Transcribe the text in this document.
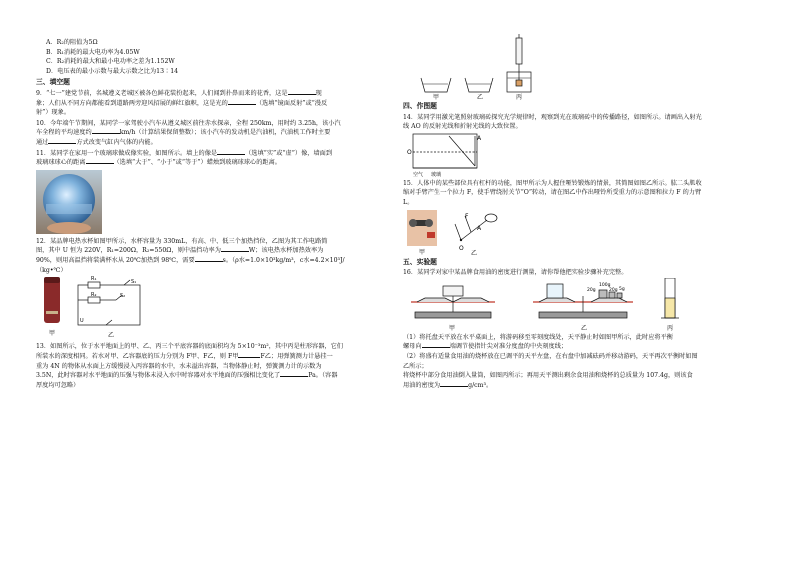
A．R₂的阻值为5Ω
B．R₁消耗的最大电功率为4.05W
C．R₂消耗的最大和最小电功率之差为1.152W
D．电压表的最小示数与最大示数之比为13∶14
三、填空题
9．“七一”建党节前，名城遵义老城区被各色鲜花装扮起来，人们闻到扑鼻而来的花香，这是	现
象；人们从不同方向都能看到道路两旁迎风招展的鲜红旗帜，这是光的	（选填“镜面反射”或“漫反
射”）现象。
10．今年端午节期间，某同学一家驾驶小汽车从遵义城区前往赤水探亲，全程 250km，用时约 3.25h，该小汽
车全程的平均速度约	km/h（计算结果保留整数）；该小汽车的发动机是汽油机，汽油机工作时主要
通过	方式改变气缸内气体的内能。
11．某同学在家用一个玻璃球做成像实验，如图所示。墙上的像是	（选填“实”或“虚”）像，墙面到
玻璃球球心的距离	（选填“大于”、“小于”或“等于”）蜡烛到玻璃球球心的距离。
12．某品牌电热水杯如图甲所示，水杯容量为 330mL，有高、中、低三个加热挡位，乙图为其工作电路简
图，其中 U 恒为 220V，R₁=200Ω，R₂=550Ω，则中温挡功率为	W；该电热水杯加热效率为
90%，则用高温挡将装满杯水从 20℃加热到 98℃，需要	s。（ρ水=1.0×10³kg/m³，c水=4.2×10³J/
（kg•℃）
甲
R₁
R₂
S₁
S₂
U
乙
13．如图所示，位于水平地面上的甲、乙、丙三个平底容器的底面积均为 5×10⁻³m²，其中丙是柱形容器，它们
所装水的深度相同。若水对甲、乙容器底的压力分别为 F甲、F乙，则 F甲	F乙；用弹簧测力计悬挂一
重为 4N 的物体从水面上方缓慢浸入丙容器的水中，水未溢出容器，当物体静止时，弹簧测力计的示数为
3.5N，此时容器对水平地面的压强与物体未浸入水中时容器对水平地面的压强相比变化了	Pa。（容器
厚度均可忽略）
甲	乙	丙
四、作图题
14．某同学用激光笔照射玻璃砖探究光学规律时，观察到光在玻璃砖中的传播路径，如图所示。请画出入射光
线 AO 的反射光线和折射光线的大致位置。
O
A
空气 玻璃
15．人体中的某些部位具有杠杆的功能，图甲所示为人握住哑铃锻炼的情景，其简图如图乙所示。肱二头肌收
缩对手臂产生一个拉力 F，使手臂绕肘关节“O”转动，请在图乙中作出哑铃所受重力的示意图和拉力 F 的力臂
L。
F
O
A
甲	乙
五、实验题
16．某同学对家中某品牌食用油的密度进行测量，请你帮他把实验步骤补充完整。
甲
100g
20g	20g 5g
乙	丙
（1）将托盘天平放在水平桌面上，将游码移至零刻度线处，天平静止时如图甲所示，此时应将平衡
螺母向	端调节使指针尖对准分度盘的中央刻度线；
（2）将盛有适量食用油的烧杯放在已调平的天平左盘，在右盘中加减砝码并移动游码，天平再次平衡时如图
乙所示；
将烧杯中部分食用油倒入量筒，如图丙所示；再用天平测出剩余食用油和烧杯的总质量为 107.4g，则该食
用油的密度为	g/cm³。
